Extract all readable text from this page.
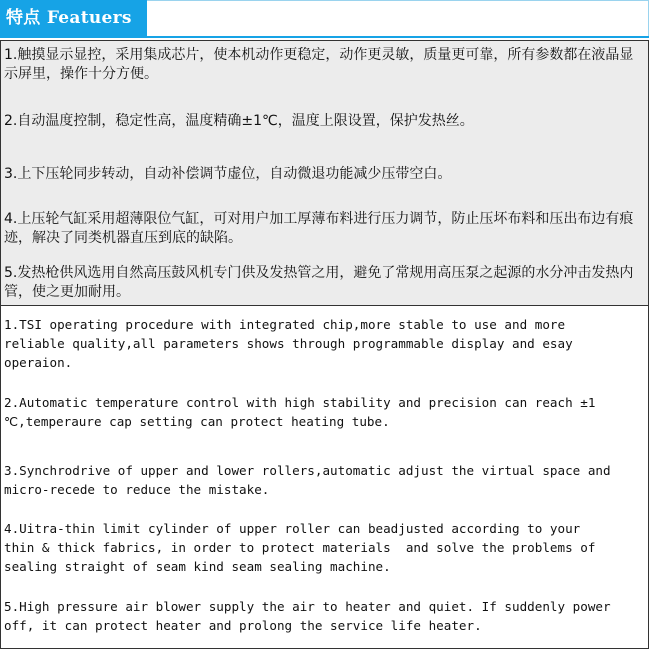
特点 Featuers
1.触摸显示显控，采用集成芯片，使本机动作更稳定，动作更灵敏，质量更可靠，所有参数都在液晶显示屏里，操作十分方便。
2.自动温度控制，稳定性高，温度精确±1℃，温度上限设置，保护发热丝。
3.上下压轮同步转动，自动补偿调节虚位，自动微退功能减少压带空白。
4.上压轮气缸采用超薄限位气缸，可对用户加工厚薄布料进行压力调节，防止压坏布料和压出布边有痕迹，解决了同类机器直压到底的缺陷。
5.发热枪供风选用自然高压鼓风机专门供及发热管之用，避免了常规用高压泵之起源的水分冲击发热内管，使之更加耐用。
1.TSI operating procedure with integrated chip,more stable to use and more
reliable quality,all parameters shows through programmable display and esay
operaion.
2.Automatic temperature control with high stability and precision can reach ±1
℃,temperaure cap setting can protect heating tube.
3.Synchrodrive of upper and lower rollers,automatic adjust the virtual space and
micro-recede to reduce the mistake.
4.Uitra-thin limit cylinder of upper roller can beadjusted according to your
thin & thick fabrics, in order to protect materials  and solve the problems of
sealing straight of seam kind seam sealing machine.
5.High pressure air blower supply the air to heater and quiet. If suddenly power
off, it can protect heater and prolong the service life heater.
